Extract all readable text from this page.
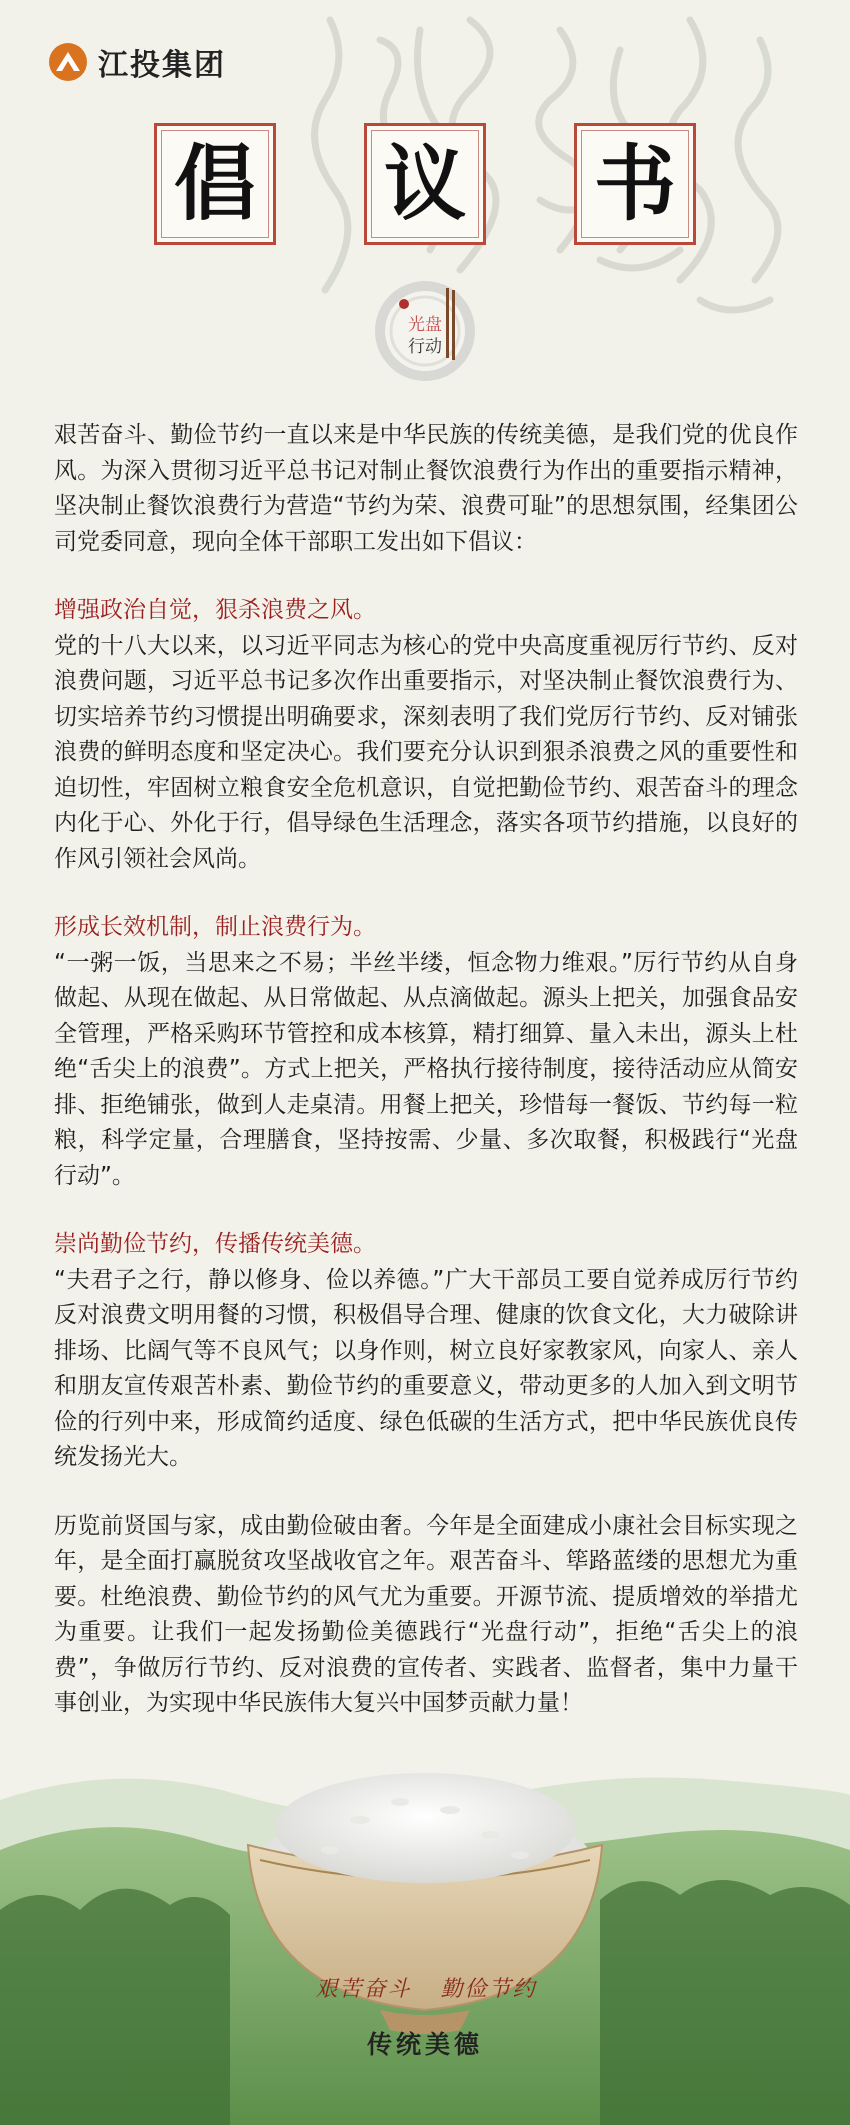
江投集团
倡 议 书
光盘
行动

艰苦奋斗、勤俭节约一直以来是中华民族的传统美德，是我们党的优良作风。为深入贯彻习近平总书记对制止餐饮浪费行为作出的重要指示精神，坚决制止餐饮浪费行为营造“节约为荣、浪费可耻”的思想氛围，经集团公司党委同意，现向全体干部职工发出如下倡议：

增强政治自觉，狠杀浪费之风。

党的十八大以来，以习近平同志为核心的党中央高度重视厉行节约、反对浪费问题，习近平总书记多次作出重要指示，对坚决制止餐饮浪费行为、切实培养节约习惯提出明确要求，深刻表明了我们党厉行节约、反对铺张浪费的鲜明态度和坚定决心。我们要充分认识到狠杀浪费之风的重要性和迫切性，牢固树立粮食安全危机意识，自觉把勤俭节约、艰苦奋斗的理念内化于心、外化于行，倡导绿色生活理念，落实各项节约措施，以良好的作风引领社会风尚。

形成长效机制，制止浪费行为。

“一粥一饭，当思来之不易；半丝半缕，恒念物力维艰。”厉行节约从自身做起、从现在做起、从日常做起、从点滴做起。源头上把关，加强食品安全管理，严格采购环节管控和成本核算，精打细算、量入未出，源头上杜绝“舌尖上的浪费”。方式上把关，严格执行接待制度，接待活动应从简安排、拒绝铺张，做到人走桌清。用餐上把关，珍惜每一餐饭、节约每一粒粮，科学定量，合理膳食，坚持按需、少量、多次取餐，积极践行“光盘行动”。

崇尚勤俭节约，传播传统美德。

“夫君子之行，静以修身、俭以养德。”广大干部员工要自觉养成厉行节约反对浪费文明用餐的习惯，积极倡导合理、健康的饮食文化，大力破除讲排场、比阔气等不良风气；以身作则，树立良好家教家风，向家人、亲人和朋友宣传艰苦朴素、勤俭节约的重要意义，带动更多的人加入到文明节俭的行列中来，形成简约适度、绿色低碳的生活方式，把中华民族优良传统发扬光大。

历览前贤国与家，成由勤俭破由奢。今年是全面建成小康社会目标实现之年，是全面打赢脱贫攻坚战收官之年。艰苦奋斗、筚路蓝缕的思想尤为重要。杜绝浪费、勤俭节约的风气尤为重要。开源节流、提质增效的举措尤为重要。让我们一起发扬勤俭美德践行“光盘行动”，拒绝“舌尖上的浪费”，争做厉行节约、反对浪费的宣传者、实践者、监督者，集中力量干事创业，为实现中华民族伟大复兴中国梦贡献力量！

艰苦奋斗 勤俭节约
传统美德
